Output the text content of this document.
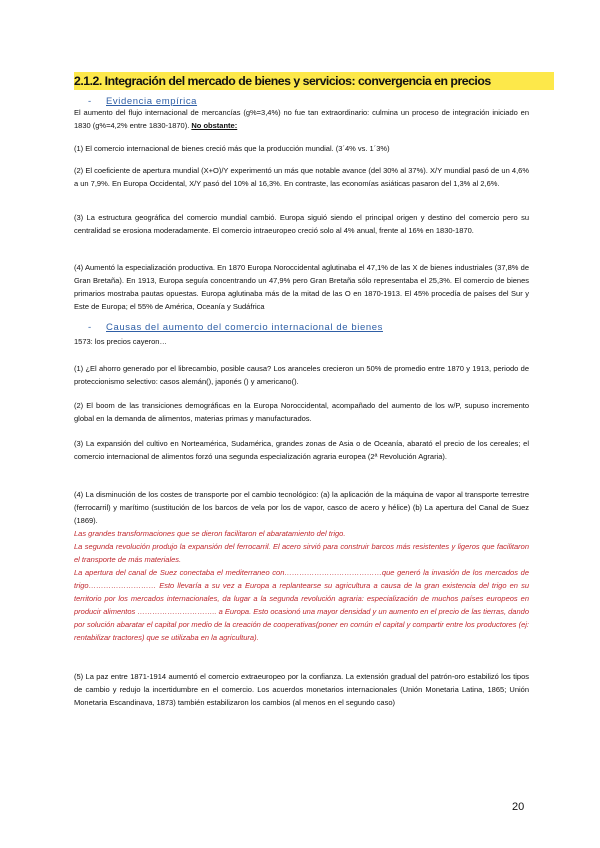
2.1.2. Integración del mercado de bienes y servicios: convergencia en precios
- Evidencia empírica
El aumento del flujo internacional de mercancías (g%=3,4%) no fue tan extraordinario: culmina un proceso de integración iniciado en 1830 (g%=4,2% entre 1830-1870). No obstante:
(1) El comercio internacional de bienes creció más que la producción mundial. (3´4% vs. 1´3%)
(2) El coeficiente de apertura mundial (X+O)/Y experimentó un más que notable avance (del 30% al 37%). X/Y mundial pasó de un 4,6% a un 7,9%. En Europa Occidental, X/Y pasó del 10% al 16,3%. En contraste, las economías asiáticas pasaron del 1,3% al 2,6%.
(3) La estructura geográfica del comercio mundial cambió. Europa siguió siendo el principal origen y destino del comercio pero su centralidad se erosiona moderadamente. El comercio intraeuropeo creció solo al 4% anual, frente al 16% en 1830-1870.
(4) Aumentó la especialización productiva. En 1870 Europa Noroccidental aglutinaba el 47,1% de las X de bienes industriales (37,8% de Gran Bretaña). En 1913, Europa seguía concentrando un 47,9% pero Gran Bretaña sólo representaba el 25,3%. El comercio de bienes primarios mostraba pautas opuestas. Europa aglutinaba más de la mitad de las O en 1870-1913. El 45% procedía de países del Sur y Este de Europa; el 55% de América, Oceanía y Sudáfrica
- Causas del aumento del comercio internacional de bienes
1573: los precios cayeron…
(1) ¿El ahorro generado por el librecambio, posible causa? Los aranceles crecieron un 50% de promedio entre 1870 y 1913, periodo de proteccionismo selectivo: casos alemán(), japonés () y americano().
(2) El boom de las transiciones demográficas en la Europa Noroccidental, acompañado del aumento de los w/P, supuso incremento global en la demanda de alimentos, materias primas y manufacturados.
(3) La expansión del cultivo en Norteamérica, Sudamérica, grandes zonas de Asia o de Oceanía, abarató el precio de los cereales; el comercio internacional de alimentos forzó una segunda especialización agraria europea (2ª Revolución Agraria).
(4) La disminución de los costes de transporte por el cambio tecnológico: (a) la aplicación de la máquina de vapor al transporte terrestre (ferrocarril) y marítimo (sustitución de los barcos de vela por los de vapor, casco de acero y hélice) (b) La apertura del Canal de Suez (1869).
Las grandes transformaciones que se dieron facilitaron el abaratamiento del trigo.
La segunda revolución produjo la expansión del ferrocarril. El acero sirvió para construir barcos más resistentes y ligeros que facilitaron el transporte de más materiales.
La apertura del canal de Suez conectaba el mediterraneo con…………………………………que generó la invasión de los mercados de trigo……………………… Esto llevaría a su vez a Europa a replantearse su agricultura a causa de la gran existencia del trigo en su territorio por los mercados internacionales, da lugar a la segunda revolución agraria: especialización de muchos países europeos en producir alimentos ………………………….. a Europa. Esto ocasionó una mayor densidad y un aumento en el precio de las tierras, dando por solución abaratar el capital por medio de la creación de cooperativas(poner en común el capital y compartir entre los productores (ej: rentabilizar tractores) que se utilizaba en la agricultura).
(5) La paz entre 1871-1914 aumentó el comercio extraeuropeo por la confianza. La extensión gradual del patrón-oro estabilizó los tipos de cambio y redujo la incertidumbre en el comercio. Los acuerdos monetarios internacionales (Unión Monetaria Latina, 1865; Unión Monetaria Escandinava, 1873) también estabilizaron los cambios (al menos en el segundo caso)
20
